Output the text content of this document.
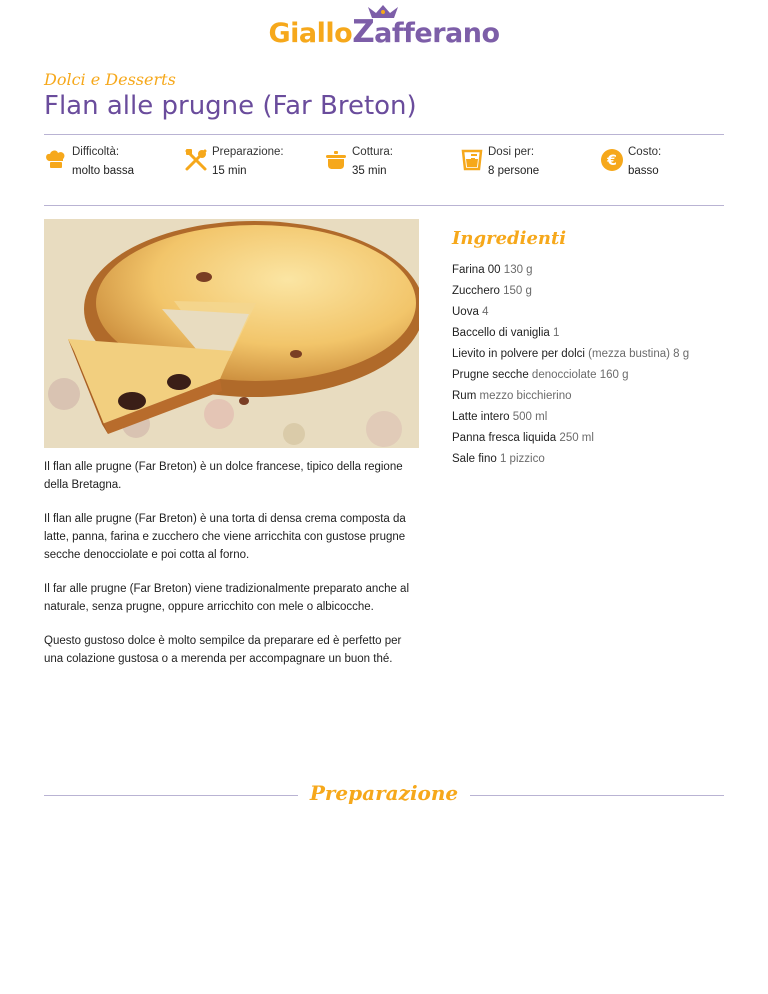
GialloZafferano
Dolci e Desserts
Flan alle prugne (Far Breton)
Difficoltà:
molto bassa
Preparazione:
15 min
Cottura:
35 min
Dosi per:
8 persone
€
Costo:
basso

Il flan alle prugne (Far Breton) è un dolce francese, tipico della regione della Bretagna.

Il flan alle prugne (Far Breton) è una torta di densa crema composta da latte, panna, farina e zucchero che viene arricchita con gustose prugne secche denocciolate e poi cotta al forno.

Il far alle prugne (Far Breton) viene tradizionalmente preparato anche al naturale, senza prugne, oppure arricchito con mele o albicocche.

Questo gustoso dolce è molto sempilce da preparare ed è perfetto per una colazione gustosa o a merenda per accompagnare un buon thé.

Ingredienti
Farina 00 130 g
Zucchero 150 g
Uova 4
Baccello di vaniglia 1
Lievito in polvere per dolci (mezza bustina) 8 g
Prugne secche denocciolate 160 g
Rum mezzo bicchierino
Latte intero 500 ml
Panna fresca liquida 250 ml
Sale fino 1 pizzico
Preparazione
